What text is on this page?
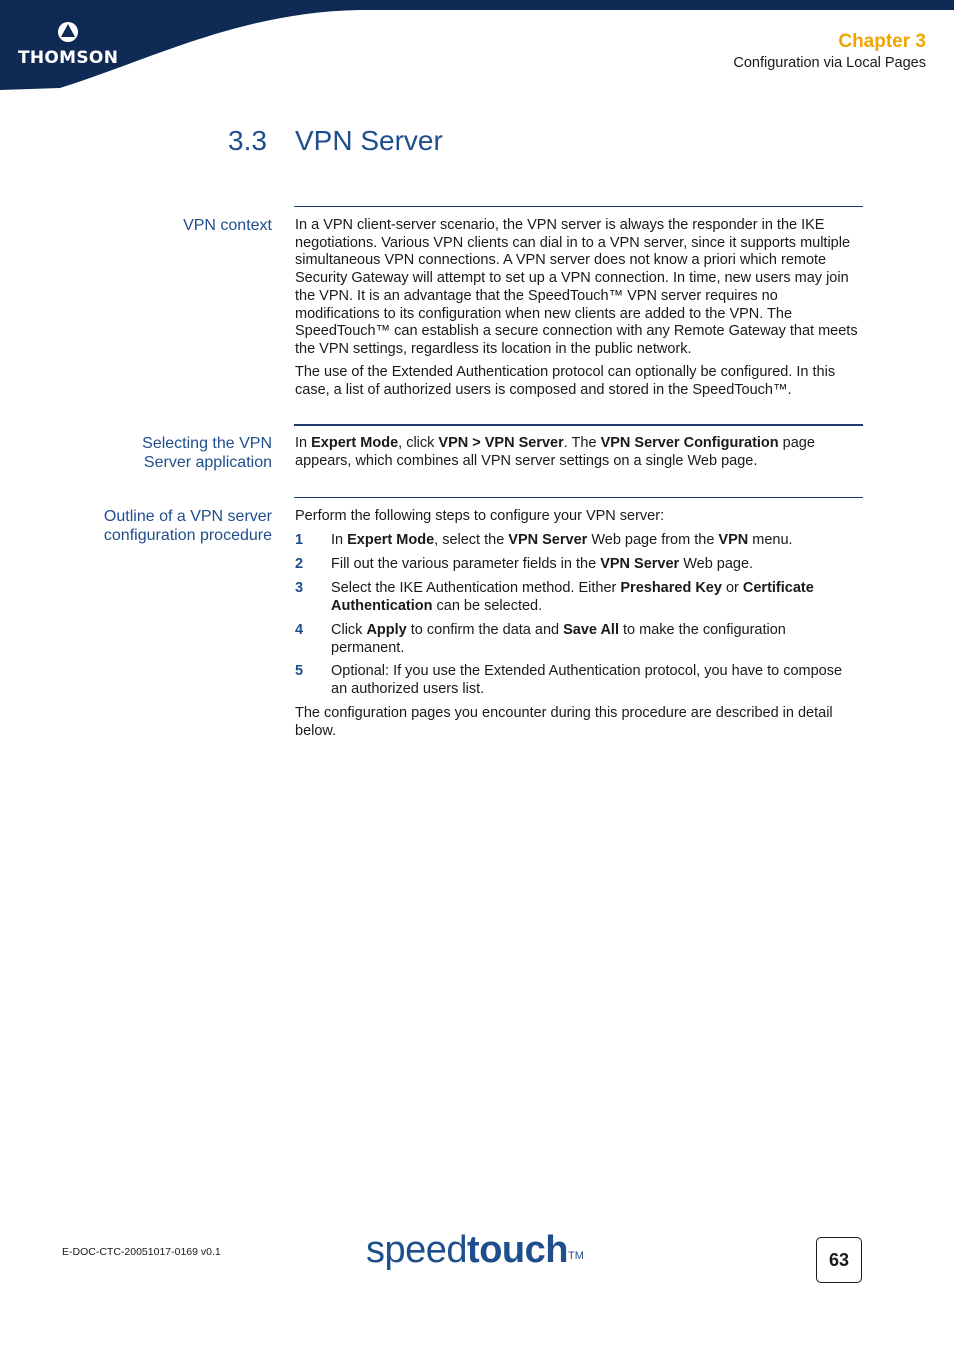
THOMSON
Chapter 3
Configuration via Local Pages
3.3 VPN Server
VPN context In a VPN client-server scenario, the VPN server is always the responder in the IKE negotiations. Various VPN clients can dial in to a VPN server, since it supports multiple simultaneous VPN connections. A VPN server does not know a priori which remote Security Gateway will attempt to set up a VPN connection. In time, new users may join the VPN. It is an advantage that the SpeedTouch™ VPN server requires no modifications to its configuration when new clients are added to the VPN. The SpeedTouch™ can establish a secure connection with any Remote Gateway that meets the VPN settings, regardless its location in the public network.

The use of the Extended Authentication protocol can optionally be configured. In this case, a list of authorized users is composed and stored in the SpeedTouch™.

Selecting the VPN
Server application

In Expert Mode, click VPN > VPN Server. The VPN Server Configuration page appears, which combines all VPN server settings on a single Web page.

Outline of a VPN server
configuration procedure

Perform the following steps to configure your VPN server:

1 In Expert Mode, select the VPN Server Web page from the VPN menu.
2 Fill out the various parameter fields in the VPN Server Web page.
3 Select the IKE Authentication method. Either Preshared Key or Certificate Authentication can be selected.
4 Click Apply to confirm the data and Save All to make the configuration permanent.
5 Optional: If you use the Extended Authentication protocol, you have to compose an authorized users list.

The configuration pages you encounter during this procedure are described in detail below.

E-DOC-CTC-20051017-0169 v0.1	speedtouch™	63
